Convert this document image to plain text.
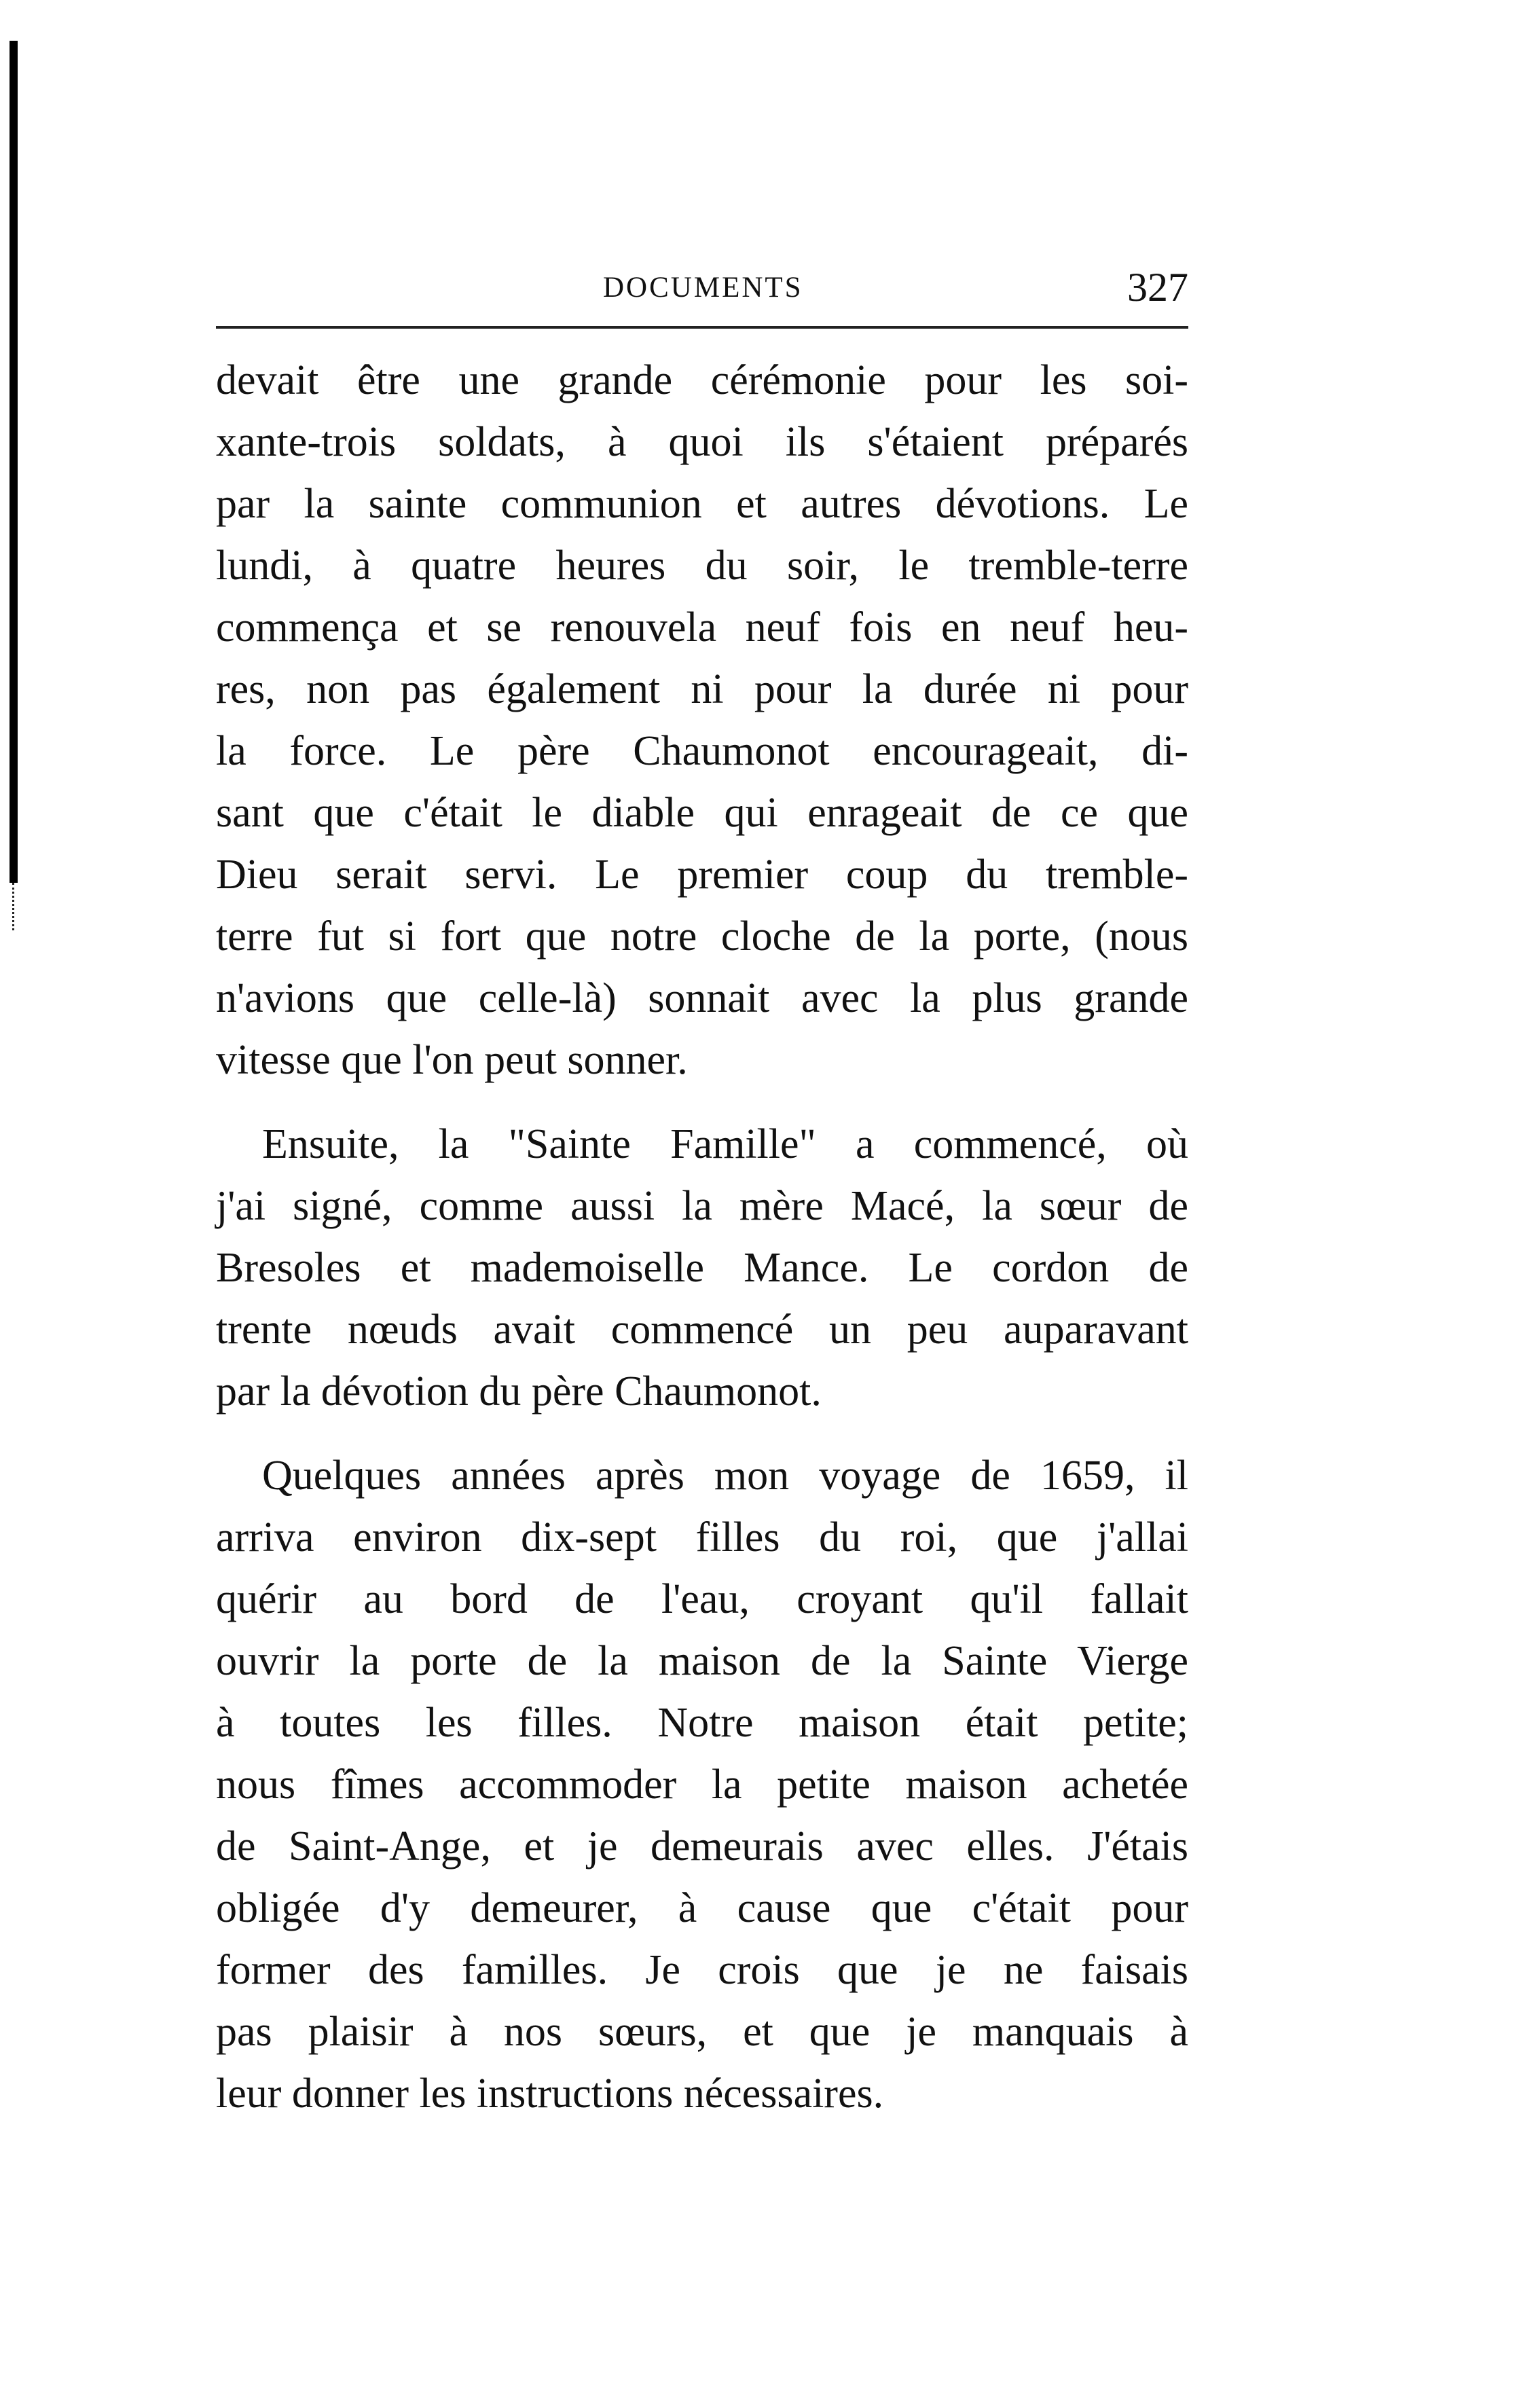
DOCUMENTS	327
devait être une grande cérémonie pour les soi-
xante-trois soldats, à quoi ils s'étaient préparés
par la sainte communion et autres dévotions. Le
lundi, à quatre heures du soir, le tremble-terre
commença et se renouvela neuf fois en neuf heu-
res, non pas également ni pour la durée ni pour
la force. Le père Chaumonot encourageait, di-
sant que c'était le diable qui enrageait de ce que
Dieu serait servi. Le premier coup du tremble-
terre fut si fort que notre cloche de la porte, (nous
n'avions que celle-là) sonnait avec la plus grande
vitesse que l'on peut sonner.
Ensuite, la "Sainte Famille" a commencé, où
j'ai signé, comme aussi la mère Macé, la sœur de
Bresoles et mademoiselle Mance. Le cordon de
trente nœuds avait commencé un peu auparavant
par la dévotion du père Chaumonot.
Quelques années après mon voyage de 1659, il
arriva environ dix-sept filles du roi, que j'allai
quérir au bord de l'eau, croyant qu'il fallait
ouvrir la porte de la maison de la Sainte Vierge
à toutes les filles. Notre maison était petite;
nous fîmes accommoder la petite maison achetée
de Saint-Ange, et je demeurais avec elles. J'étais
obligée d'y demeurer, à cause que c'était pour
former des familles. Je crois que je ne faisais
pas plaisir à nos sœurs, et que je manquais à
leur donner les instructions nécessaires.
